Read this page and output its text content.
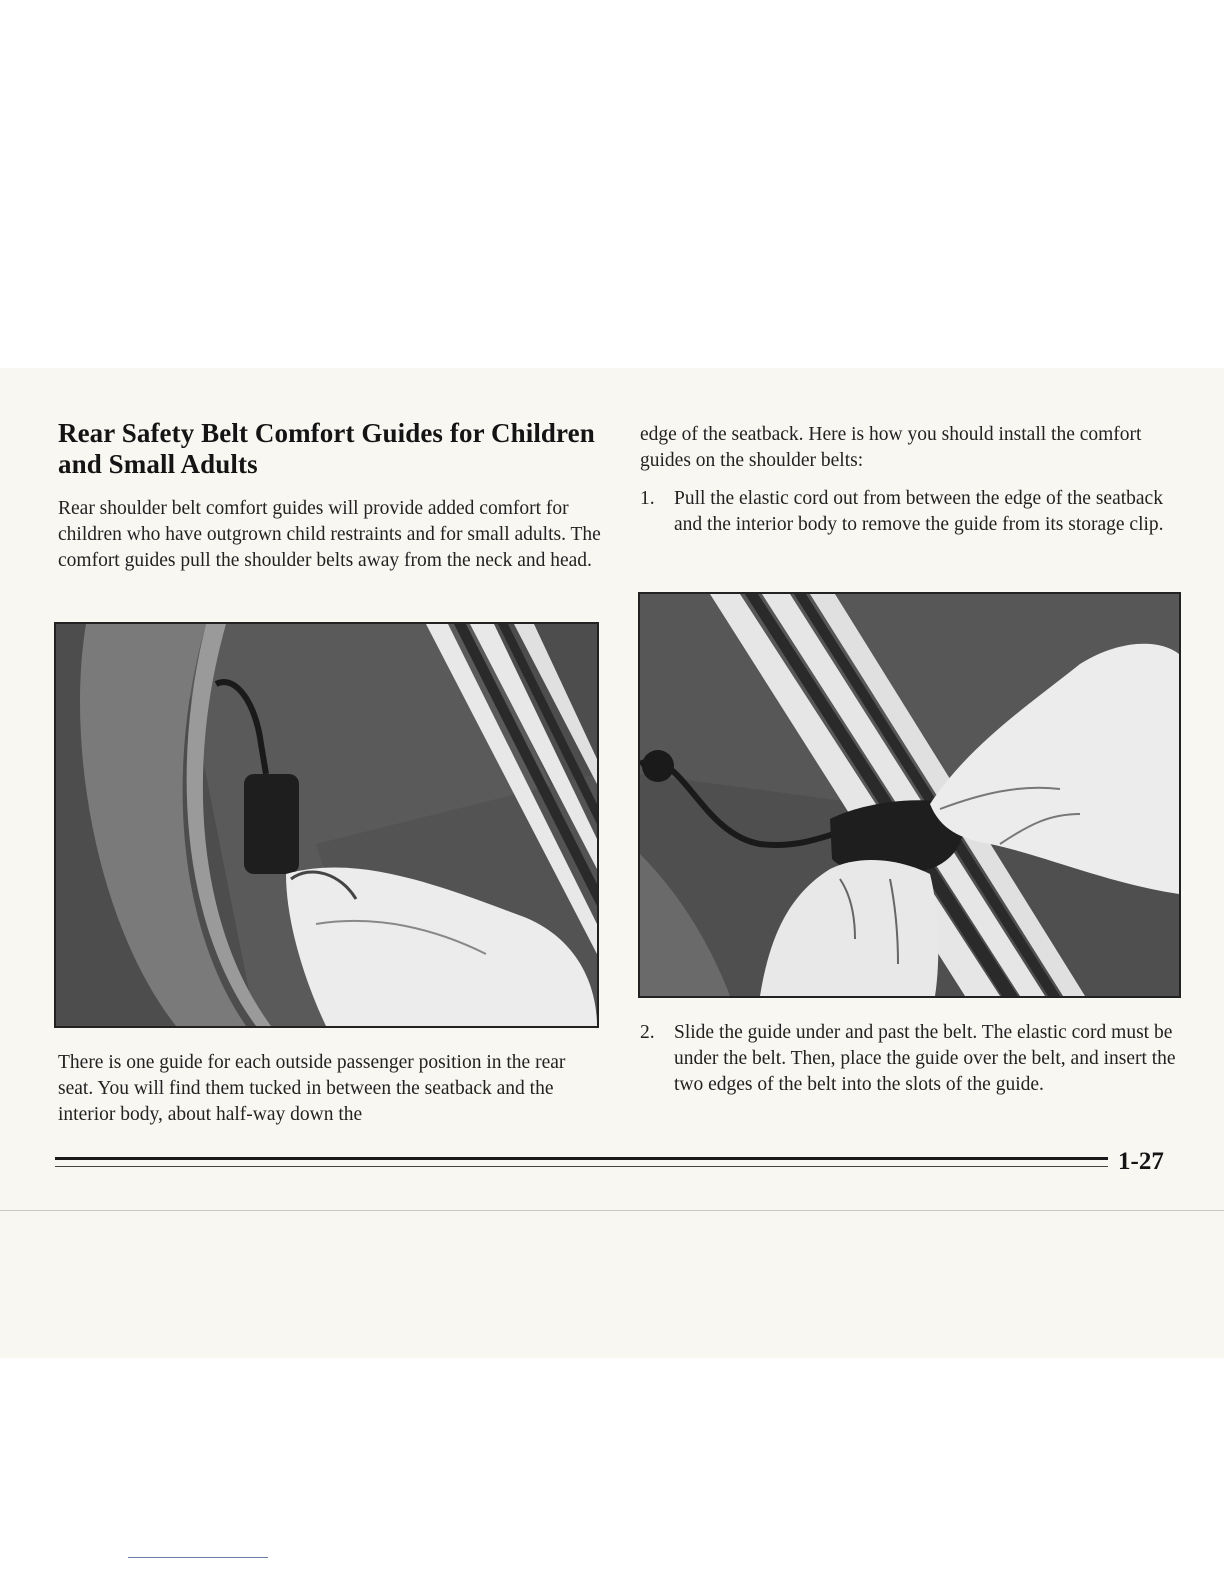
Rear Safety Belt Comfort Guides for Children and Small Adults

Rear shoulder belt comfort guides will provide added comfort for children who have outgrown child restraints and for small adults. The comfort guides pull the shoulder belts away from the neck and head.

There is one guide for each outside passenger position in the rear seat. You will find them tucked in between the seatback and the interior body, about half-way down the

edge of the seatback. Here is how you should install the comfort guides on the shoulder belts:

1. Pull the elastic cord out from between the edge of the seatback and the interior body to remove the guide from its storage clip.
2. Slide the guide under and past the belt. The elastic cord must be under the belt. Then, place the guide over the belt, and insert the two edges of the belt into the slots of the guide.
1-27
